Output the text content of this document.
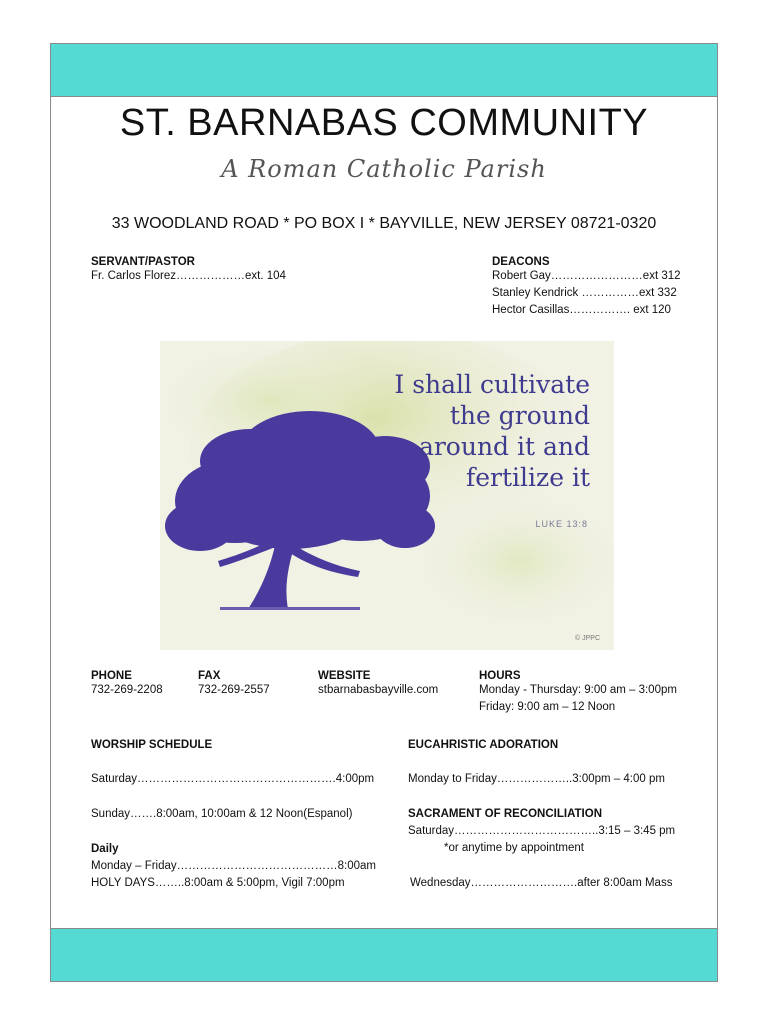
ST. BARNABAS COMMUNITY
A Roman Catholic Parish
33 WOODLAND ROAD * PO BOX I * BAYVILLE, NEW JERSEY 08721-0320
SERVANT/PASTOR
Fr. Carlos Florez………………ext. 104
DEACONS
Robert Gay……………………ext 312
Stanley Kendrick ……………ext 332
Hector Casillas……………. ext 120
I shall cultivate
the ground
around it and
fertilize it
LUKE 13:8
© JPPC
PHONE
732-269-2208
FAX
732-269-2557
WEBSITE
stbarnabasbayville.com
HOURS
Monday - Thursday: 9:00 am – 3:00pm
Friday: 9:00 am – 12 Noon
WORSHIP SCHEDULE
Saturday…………………………………………….4:00pm
Sunday…….8:00am, 10:00am & 12 Noon(Espanol)
Daily
Monday – Friday……………………………………8:00am
HOLY DAYS……..8:00am & 5:00pm, Vigil 7:00pm
EUCAHRISTIC ADORATION
Monday to Friday………………..3:00pm – 4:00 pm
SACRAMENT OF RECONCILIATION
Saturday………………………………..3:15 – 3:45 pm
*or anytime by appointment
Wednesday……………………….after 8:00am Mass
